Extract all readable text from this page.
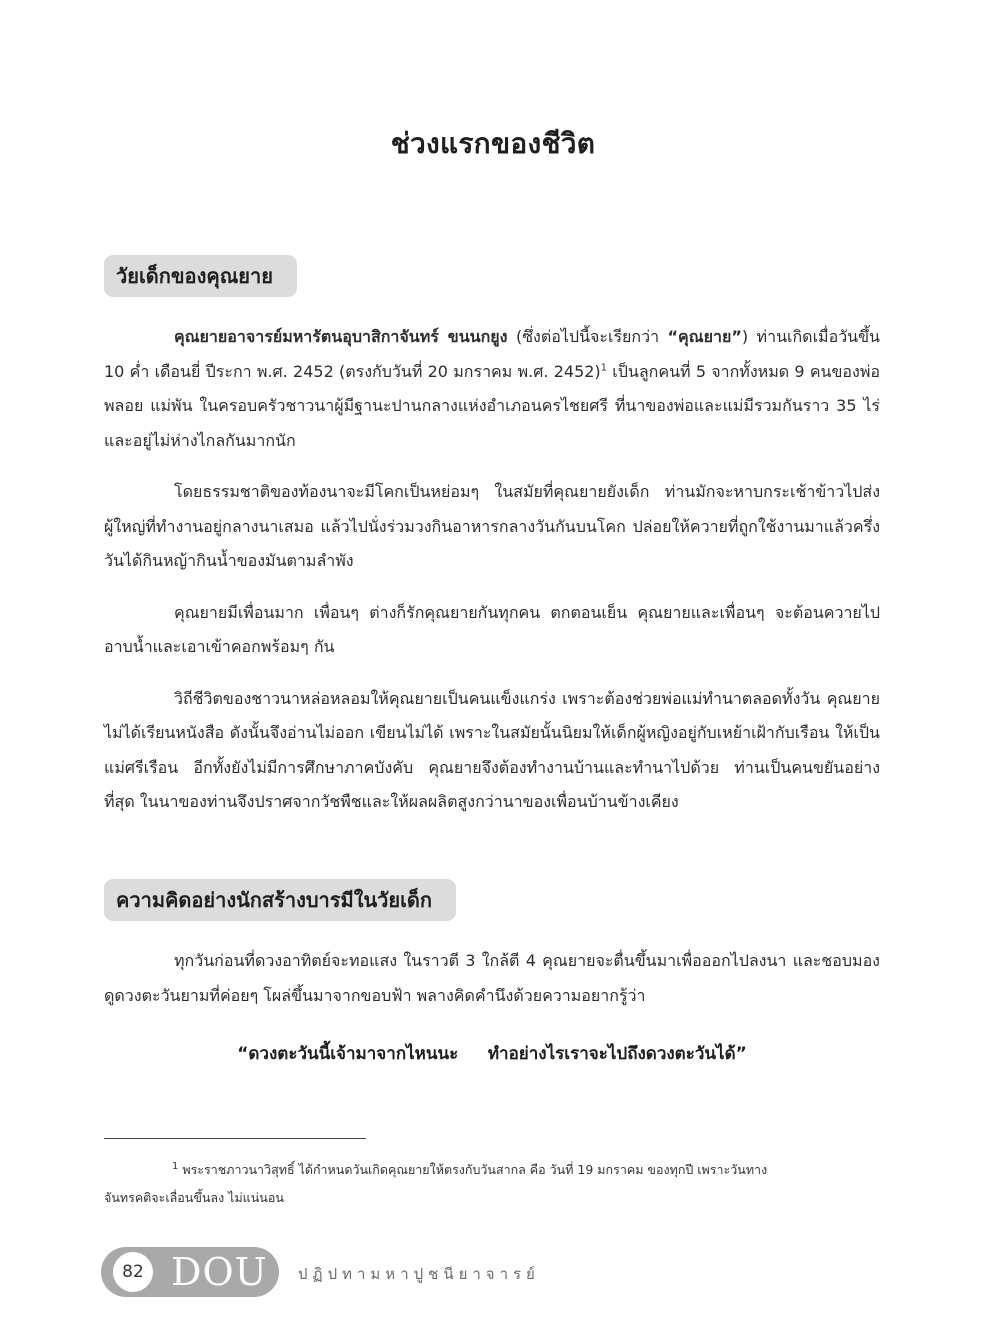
ช่วงแรกของชีวิต
วัยเด็กของคุณยาย

คุณยายอาจารย์มหารัตนอุบาสิกาจันทร์ ขนนกยูง (ซึ่งต่อไปนี้จะเรียกว่า “คุณยาย”) ท่านเกิดเมื่อวันขึ้น 10 ค่ำ เดือนยี่ ปีระกา พ.ศ. 2452 (ตรงกับวันที่ 20 มกราคม พ.ศ. 2452)$^1$ เป็นลูกคนที่ 5 จากทั้งหมด 9 คนของพ่อพลอย แม่พัน ในครอบครัวชาวนาผู้มีฐานะปานกลางแห่งอำเภอนครไชยศรี ที่นาของพ่อและแม่มีรวมกันราว 35 ไร่ และอยู่ไม่ห่างไกลกันมากนัก

โดยธรรมชาติของท้องนาจะมีโคกเป็นหย่อมๆ ในสมัยที่คุณยายยังเด็ก ท่านมักจะหาบกระเช้าข้าวไปส่งผู้ใหญ่ที่ทำงานอยู่กลางนาเสมอ แล้วไปนั่งร่วมวงกินอาหารกลางวันกันบนโคก ปล่อยให้ควายที่ถูกใช้งานมาแล้วครึ่งวันได้กินหญ้ากินน้ำของมันตามลำพัง

คุณยายมีเพื่อนมาก เพื่อนๆ ต่างก็รักคุณยายกันทุกคน ตกตอนเย็น คุณยายและเพื่อนๆ จะต้อนควายไปอาบน้ำและเอาเข้าคอกพร้อมๆ กัน

วิถีชีวิตของชาวนาหล่อหลอมให้คุณยายเป็นคนแข็งแกร่ง เพราะต้องช่วยพ่อแม่ทำนาตลอดทั้งวัน คุณยายไม่ได้เรียนหนังสือ ดังนั้นจึงอ่านไม่ออก เขียนไม่ได้ เพราะในสมัยนั้นนิยมให้เด็กผู้หญิงอยู่กับเหย้าเฝ้ากับเรือน ให้เป็นแม่ศรีเรือน อีกทั้งยังไม่มีการศึกษาภาคบังคับ คุณยายจึงต้องทำงานบ้านและทำนาไปด้วย ท่านเป็นคนขยันอย่างที่สุด ในนาของท่านจึงปราศจากวัชพืชและให้ผลผลิตสูงกว่านาของเพื่อนบ้านข้างเคียง

ความคิดอย่างนักสร้างบารมีในวัยเด็ก

ทุกวันก่อนที่ดวงอาทิตย์จะทอแสง ในราวตี 3 ใกล้ตี 4 คุณยายจะตื่นขึ้นมาเพื่อออกไปลงนา และชอบมองดูดวงตะวันยามที่ค่อยๆ โผล่ขึ้นมาจากขอบฟ้า พลางคิดคำนึงด้วยความอยากรู้ว่า

“ดวงตะวันนี้เจ้ามาจากไหนนะ     ทำอย่างไรเราจะไปถึงดวงตะวันได้”
$^1$ พระราชภาวนาวิสุทธิ์ ได้กำหนดวันเกิดคุณยายให้ตรงกับวันสากล คือ วันที่ 19 มกราคม ของทุกปี เพราะวันทาง
จันทรคติจะเลื่อนขึ้นลง ไม่แน่นอน
82 DOU ปฏิปทามหาปูชนียาจารย์
